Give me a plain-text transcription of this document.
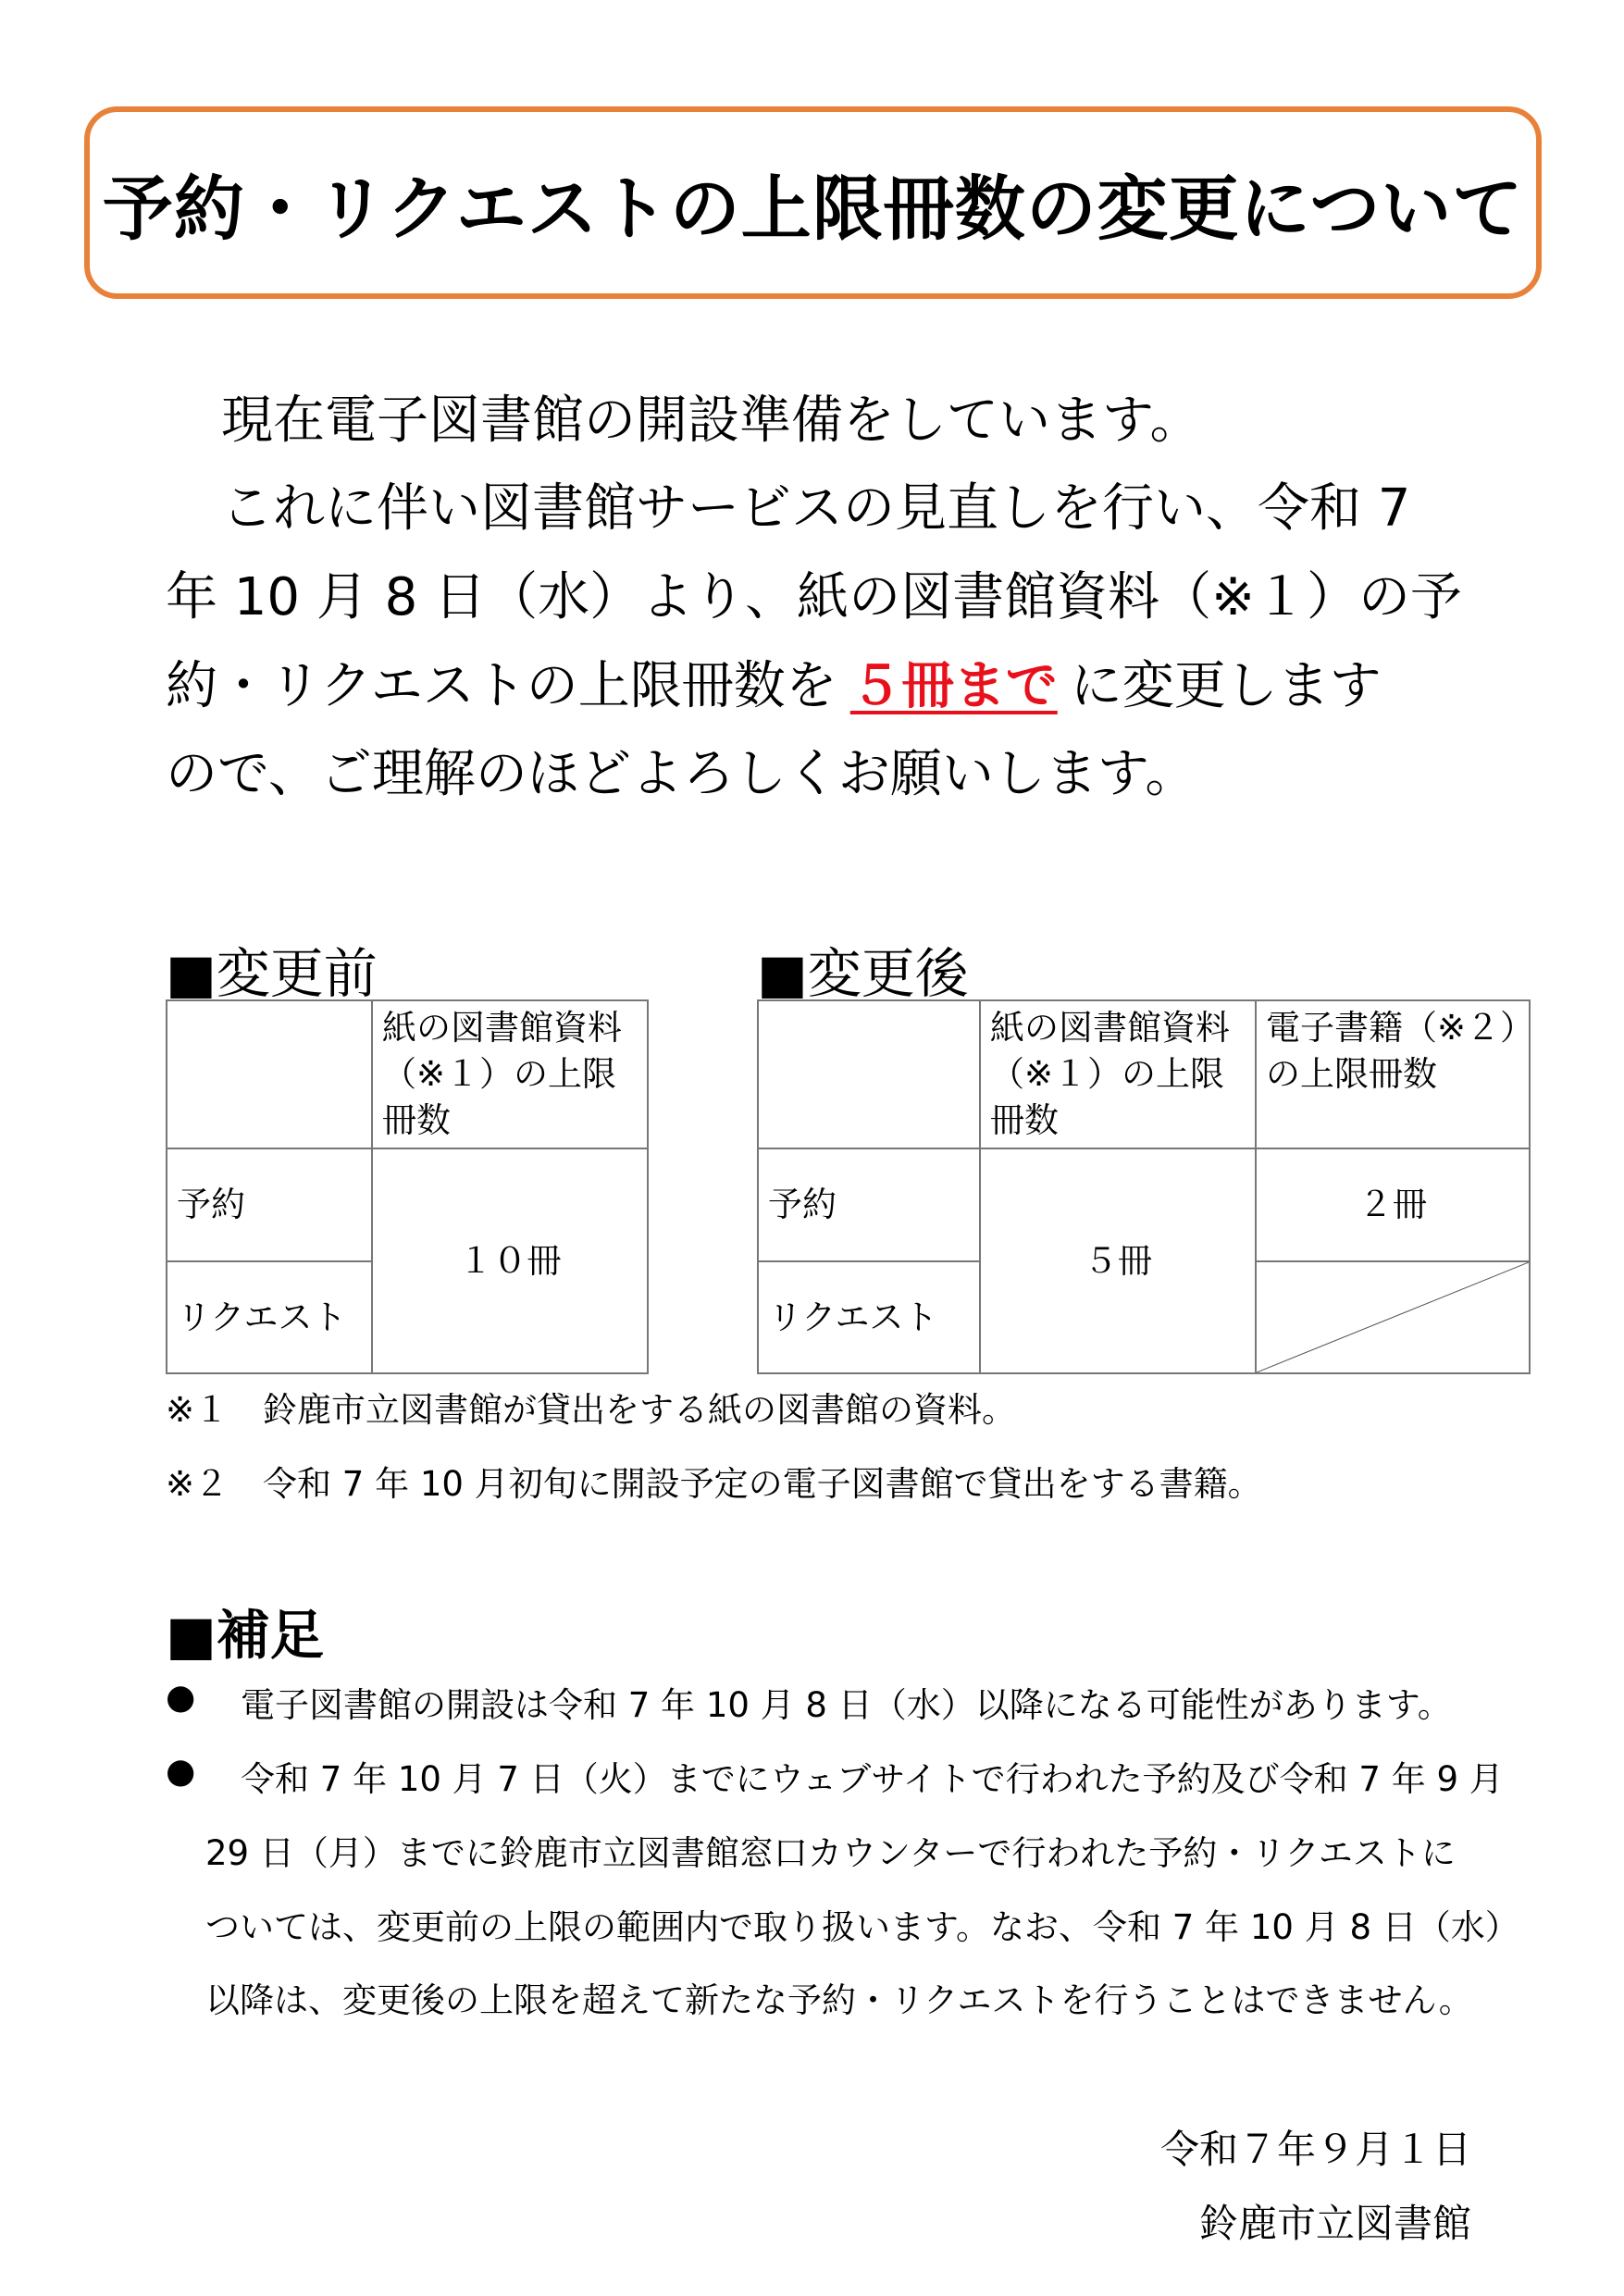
予約・リクエストの上限冊数の変更について
現在電子図書館の開設準備をしています。
これに伴い図書館サービスの見直しを行い、令和 7
年 10 月 8 日（水）より、紙の図書館資料（※１）の予
約・リクエストの上限冊数を ５冊まで に変更します
ので、ご理解のほどよろしくお願いします。
■変更前	■変更後
	紙の図書館資料（※１）の上限冊数
予約	１０冊
リクエスト	
	紙の図書館資料（※１）の上限冊数	電子書籍（※２）の上限冊数
予約	５冊	２冊
リクエスト	
※１　鈴鹿市立図書館が貸出をする紙の図書館の資料。
※２　令和 7 年 10 月初旬に開設予定の電子図書館で貸出をする書籍。
■補足
● 電子図書館の開設は令和 7 年 10 月 8 日（水）以降になる可能性があります。
● 令和 7 年 10 月 7 日（火）までにウェブサイトで行われた予約及び令和 7 年 9 月
29 日（月）までに鈴鹿市立図書館窓口カウンターで行われた予約・リクエストに
ついては、変更前の上限の範囲内で取り扱います。なお、令和 7 年 10 月 8 日（水）
以降は、変更後の上限を超えて新たな予約・リクエストを行うことはできません。
令和７年９月１日
鈴鹿市立図書館
